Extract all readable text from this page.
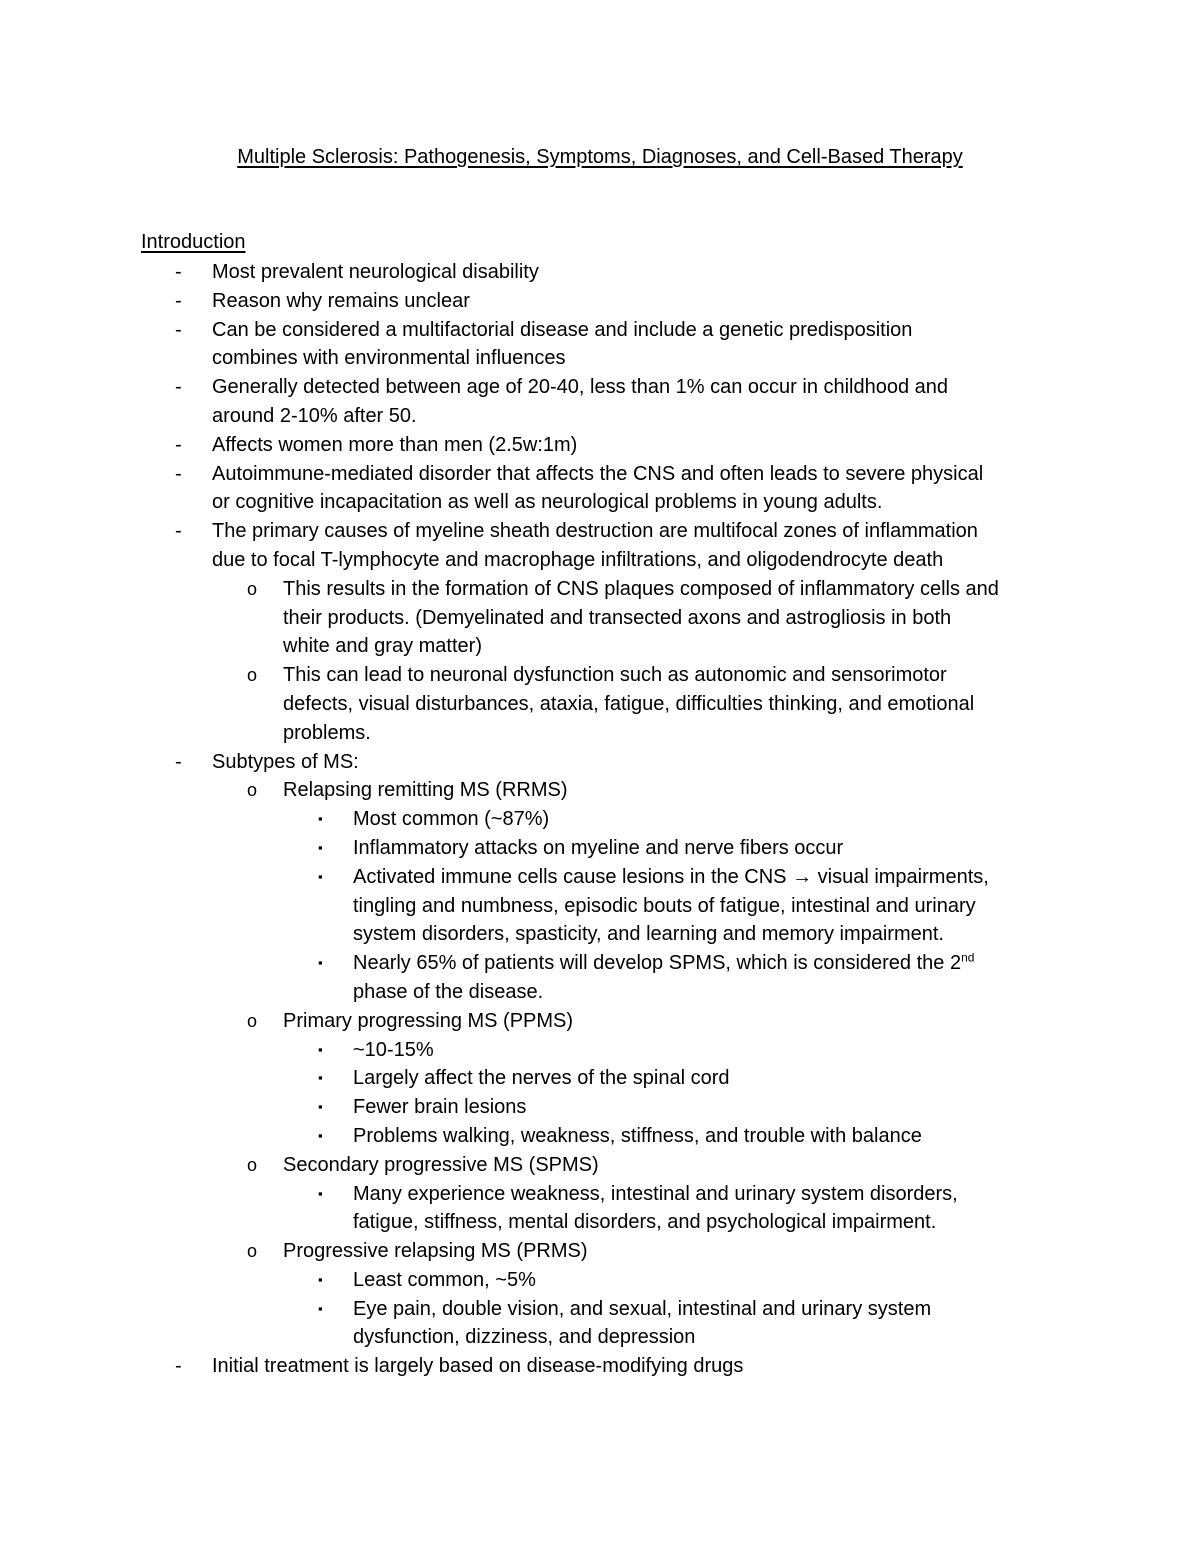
Multiple Sclerosis: Pathogenesis, Symptoms, Diagnoses, and Cell-Based Therapy
Introduction
- Most prevalent neurological disability
- Reason why remains unclear
- Can be considered a multifactorial disease and include a genetic predisposition
combines with environmental influences
- Generally detected between age of 20-40, less than 1% can occur in childhood and
around 2-10% after 50.
- Affects women more than men (2.5w:1m)
- Autoimmune-mediated disorder that affects the CNS and often leads to severe physical
or cognitive incapacitation as well as neurological problems in young adults.
- The primary causes of myeline sheath destruction are multifocal zones of inflammation
due to focal T-lymphocyte and macrophage infiltrations, and oligodendrocyte death
o This results in the formation of CNS plaques composed of inflammatory cells and
their products. (Demyelinated and transected axons and astrogliosis in both
white and gray matter)
o This can lead to neuronal dysfunction such as autonomic and sensorimotor
defects, visual disturbances, ataxia, fatigue, difficulties thinking, and emotional
problems.
- Subtypes of MS:
o Relapsing remitting MS (RRMS)
▪ Most common (~87%)
▪ Inflammatory attacks on myeline and nerve fibers occur
▪ Activated immune cells cause lesions in the CNS → visual impairments,
tingling and numbness, episodic bouts of fatigue, intestinal and urinary
system disorders, spasticity, and learning and memory impairment.
▪ Nearly 65% of patients will develop SPMS, which is considered the 2nd
phase of the disease.
o Primary progressing MS (PPMS)
▪ ~10-15%
▪ Largely affect the nerves of the spinal cord
▪ Fewer brain lesions
▪ Problems walking, weakness, stiffness, and trouble with balance
o Secondary progressive MS (SPMS)
▪ Many experience weakness, intestinal and urinary system disorders,
fatigue, stiffness, mental disorders, and psychological impairment.
o Progressive relapsing MS (PRMS)
▪ Least common, ~5%
▪ Eye pain, double vision, and sexual, intestinal and urinary system
dysfunction, dizziness, and depression
- Initial treatment is largely based on disease-modifying drugs
